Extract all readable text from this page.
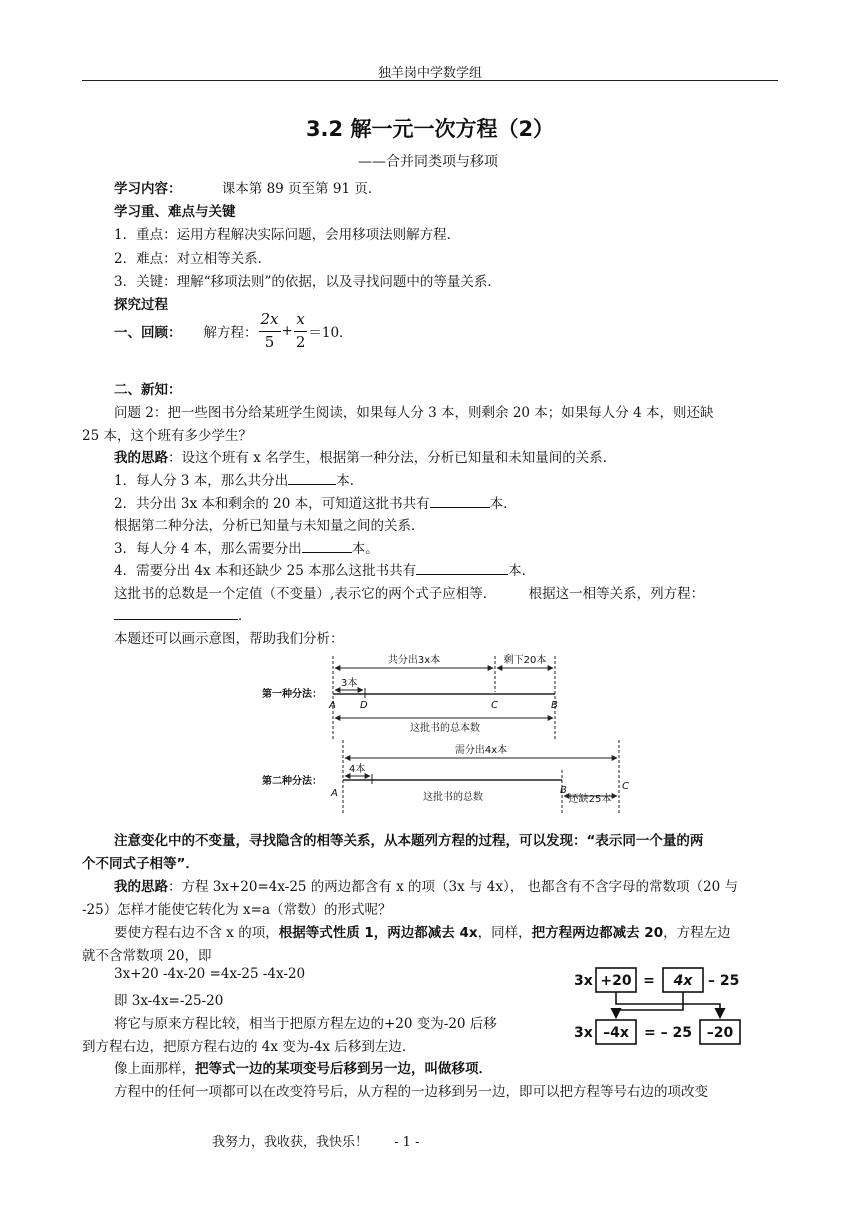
独羊岗中学数学组
3.2 解一元一次方程（2）
——合并同类项与移项
学习内容：	课本第 89 页至第 91 页．
学习重、难点与关键
1．重点：运用方程解决实际问题，会用移项法则解方程．
2．难点：对立相等关系．
3．关键：理解“移项法则”的依据，以及寻找问题中的等量关系．
探究过程
一、回顾： 解方程： $\frac{2x}{5} + \frac{x}{2} =10$．
二、新知：
问题 2：把一些图书分给某班学生阅读，如果每人分 3 本，则剩余 20 本；如果每人分 4 本，则还缺
25 本，这个班有多少学生？
我的思路：设这个班有 x 名学生，根据第一种分法，分析已知量和未知量间的关系．
1．每人分 3 本，那么共分出	本．
2．共分出 3x 本和剩余的 20 本，可知道这批书共有	本．
根据第二种分法，分析已知量与未知量之间的关系．
3．每人分 4 本，那么需要分出	本。
4．需要分出 4x 本和还缺少 25 本那么这批书共有	本．
这批书的总数是一个定值（不变量）,表示它的两个式子应相等． 根据这一相等关系，列方程：
．
本题还可以画示意图，帮助我们分析：
第一种分法：
共分出3x本	剩下20本
3本
A D	C	B
这批书的总本数
第二种分法：
需分出4x本
4本
A	B	C
这批书的总数	还缺25本
注意变化中的不变量，寻找隐含的相等关系，从本题列方程的过程，可以发现：“表示同一个量的两
个不同式子相等”．
我的思路：方程 3x+20=4x-25 的两边都含有 x 的项（3x 与 4x）， 也都含有不含字母的常数项（20 与
-25）怎样才能使它转化为 x=a（常数）的形式呢？
要使方程右边不含 x 的项，根据等式性质 1，两边都减去 4x，同样，把方程两边都减去 20，方程左边
就不含常数项 20，即
3x+20 -4x-20 =4x-25 -4x-20
即 3x-4x=-25-20
将它与原来方程比较，相当于把原方程左边的+20 变为-20 后移
到方程右边，把原方程右边的 4x 变为-4x 后移到左边．
像上面那样，把等式一边的某项变号后移到另一边，叫做移项．
方程中的任何一项都可以在改变符号后，从方程的一边移到另一边，即可以把方程等号右边的项改变
3x +20 = 4x – 25
3x –4x = – 25 –20
我努力，我收获，我快乐！ - 1 -
